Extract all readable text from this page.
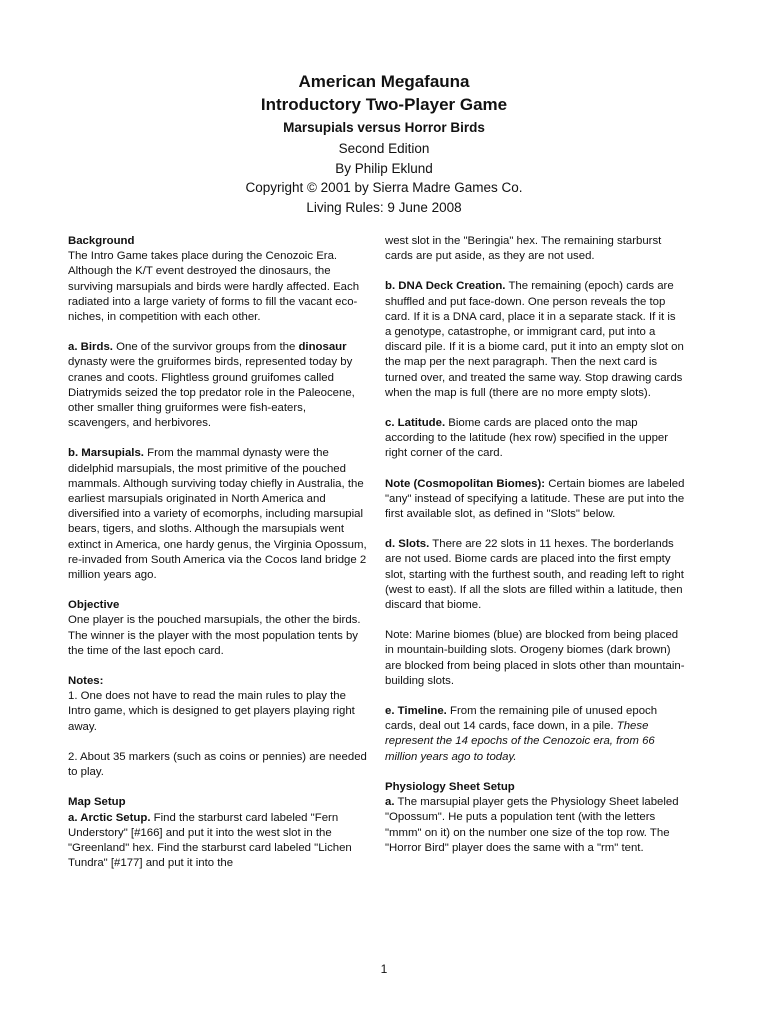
American Megafauna
Introductory Two-Player Game
Marsupials versus Horror Birds
Second Edition
By Philip Eklund
Copyright © 2001 by Sierra Madre Games Co.
Living Rules: 9 June 2008
Background
The Intro Game takes place during the Cenozoic Era. Although the K/T event destroyed the dinosaurs, the surviving marsupials and birds were hardly affected. Each radiated into a large variety of forms to fill the vacant eco-niches, in competition with each other.

a. Birds. One of the survivor groups from the dinosaur dynasty were the gruiformes birds, represented today by cranes and coots. Flightless ground gruifomes called Diatrymids seized the top predator role in the Paleocene, other smaller thing gruiformes were fish-eaters, scavengers, and herbivores.

b. Marsupials. From the mammal dynasty were the didelphid marsupials, the most primitive of the pouched mammals. Although surviving today chiefly in Australia, the earliest marsupials originated in North America and diversified into a variety of ecomorphs, including marsupial bears, tigers, and sloths. Although the marsupials went extinct in America, one hardy genus, the Virginia Opossum, re-invaded from South America via the Cocos land bridge 2 million years ago.

Objective
One player is the pouched marsupials, the other the birds. The winner is the player with the most population tents by the time of the last epoch card.
Notes:
1. One does not have to read the main rules to play the Intro game, which is designed to get players playing right away.

2. About 35 markers (such as coins or pennies) are needed to play.

Map Setup
a. Arctic Setup. Find the starburst card labeled "Fern Understory" [#166] and put it into the west slot in the "Greenland" hex. Find the starburst card labeled "Lichen Tundra" [#177] and put it into the

west slot in the "Beringia" hex. The remaining starburst cards are put aside, as they are not used.

b. DNA Deck Creation. The remaining (epoch) cards are shuffled and put face-down. One person reveals the top card. If it is a DNA card, place it in a separate stack. If it is a genotype, catastrophe, or immigrant card, put into a discard pile. If it is a biome card, put it into an empty slot on the map per the next paragraph. Then the next card is turned over, and treated the same way. Stop drawing cards when the map is full (there are no more empty slots).

c. Latitude. Biome cards are placed onto the map according to the latitude (hex row) specified in the upper right corner of the card.

Note (Cosmopolitan Biomes): Certain biomes are labeled "any" instead of specifying a latitude. These are put into the first available slot, as defined in "Slots" below.

d. Slots. There are 22 slots in 11 hexes. The borderlands are not used. Biome cards are placed into the first empty slot, starting with the furthest south, and reading left to right (west to east). If all the slots are filled within a latitude, then discard that biome.

Note: Marine biomes (blue) are blocked from being placed in mountain-building slots. Orogeny biomes (dark brown) are blocked from being placed in slots other than mountain-building slots.

e. Timeline. From the remaining pile of unused epoch cards, deal out 14 cards, face down, in a pile. These represent the 14 epochs of the Cenozoic era, from 66 million years ago to today.

Physiology Sheet Setup
a. The marsupial player gets the Physiology Sheet labeled "Opossum". He puts a population tent (with the letters "mmm" on it) on the number one size of the top row. The "Horror Bird" player does the same with a "rm" tent.
1
